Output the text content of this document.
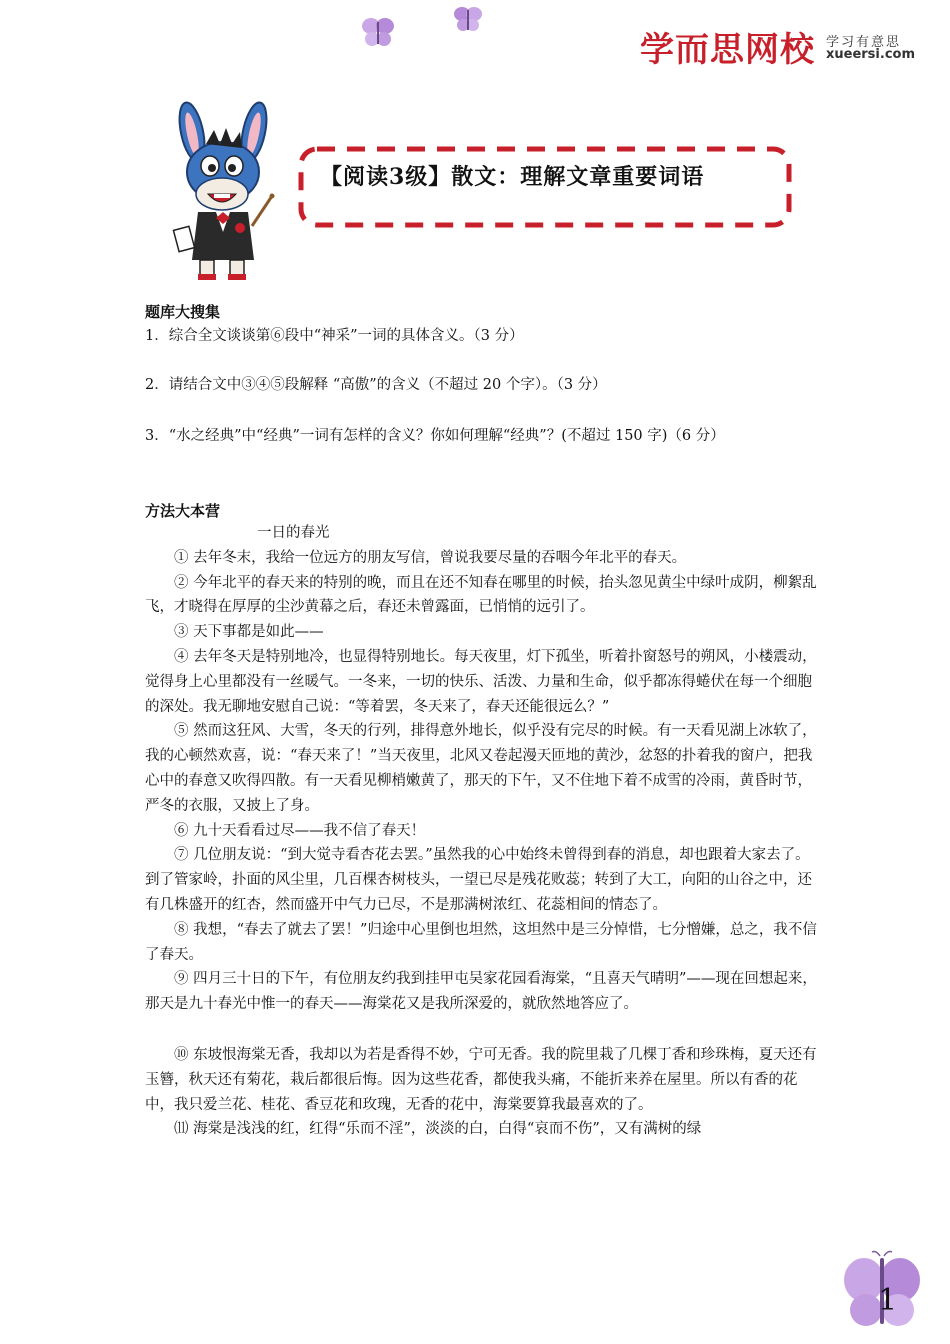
学而思网校 学习有意思
xueersi.com
【阅读3级】散文：理解文章重要词语
题库大搜集
1．综合全文谈谈第⑥段中“神采”一词的具体含义。（3 分）
2．请结合文中③④⑤段解释 “高傲”的含义（不超过 20 个字）。（3 分）
3．“水之经典”中“经典”一词有怎样的含义？你如何理解“经典”？(不超过 150 字)（6 分）
方法大本营

一日的春光

① 去年冬末，我给一位远方的朋友写信，曾说我要尽量的吞咽今年北平的春天。

② 今年北平的春天来的特别的晚，而且在还不知春在哪里的时候，抬头忽见黄尘中绿叶成阴，柳絮乱飞，才晓得在厚厚的尘沙黄幕之后，春还未曾露面，已悄悄的远引了。

③ 天下事都是如此——

④ 去年冬天是特别地冷，也显得特别地长。每天夜里，灯下孤坐，听着扑窗怒号的朔风，小楼震动，觉得身上心里都没有一丝暖气。一冬来，一切的快乐、活泼、力量和生命，似乎都冻得蜷伏在每一个细胞的深处。我无聊地安慰自己说：“等着罢，冬天来了，春天还能很远么？”

⑤ 然而这狂风、大雪，冬天的行列，排得意外地长，似乎没有完尽的时候。有一天看见湖上冰软了，我的心顿然欢喜，说：“春天来了！”当天夜里，北风又卷起漫天匝地的黄沙，忿怒的扑着我的窗户，把我心中的春意又吹得四散。有一天看见柳梢嫩黄了，那天的下午，又不住地下着不成雪的冷雨，黄昏时节，严冬的衣服，又披上了身。

⑥ 九十天看看过尽——我不信了春天！

⑦ 几位朋友说：“到大觉寺看杏花去罢。”虽然我的心中始终未曾得到春的消息，却也跟着大家去了。到了管家岭，扑面的风尘里，几百棵杏树枝头，一望已尽是残花败蕊；转到了大工，向阳的山谷之中，还有几株盛开的红杏，然而盛开中气力已尽，不是那满树浓红、花蕊相间的情态了。

⑧ 我想，“春去了就去了罢！”归途中心里倒也坦然，这坦然中是三分悼惜，七分憎嫌，总之，我不信了春天。

⑨ 四月三十日的下午，有位朋友约我到挂甲屯吴家花园看海棠，“且喜天气晴明”——现在回想起来，那天是九十春光中惟一的春天——海棠花又是我所深爱的，就欣然地答应了。

⑩ 东坡恨海棠无香，我却以为若是香得不妙，宁可无香。我的院里栽了几棵丁香和珍珠梅，夏天还有玉簪，秋天还有菊花，栽后都很后悔。因为这些花香，都使我头痛，不能折来养在屋里。所以有香的花中，我只爱兰花、桂花、香豆花和玫瑰，无香的花中，海棠要算我最喜欢的了。

⑾ 海棠是浅浅的红，红得“乐而不淫”，淡淡的白，白得“哀而不伤”，又有满树的绿

1
